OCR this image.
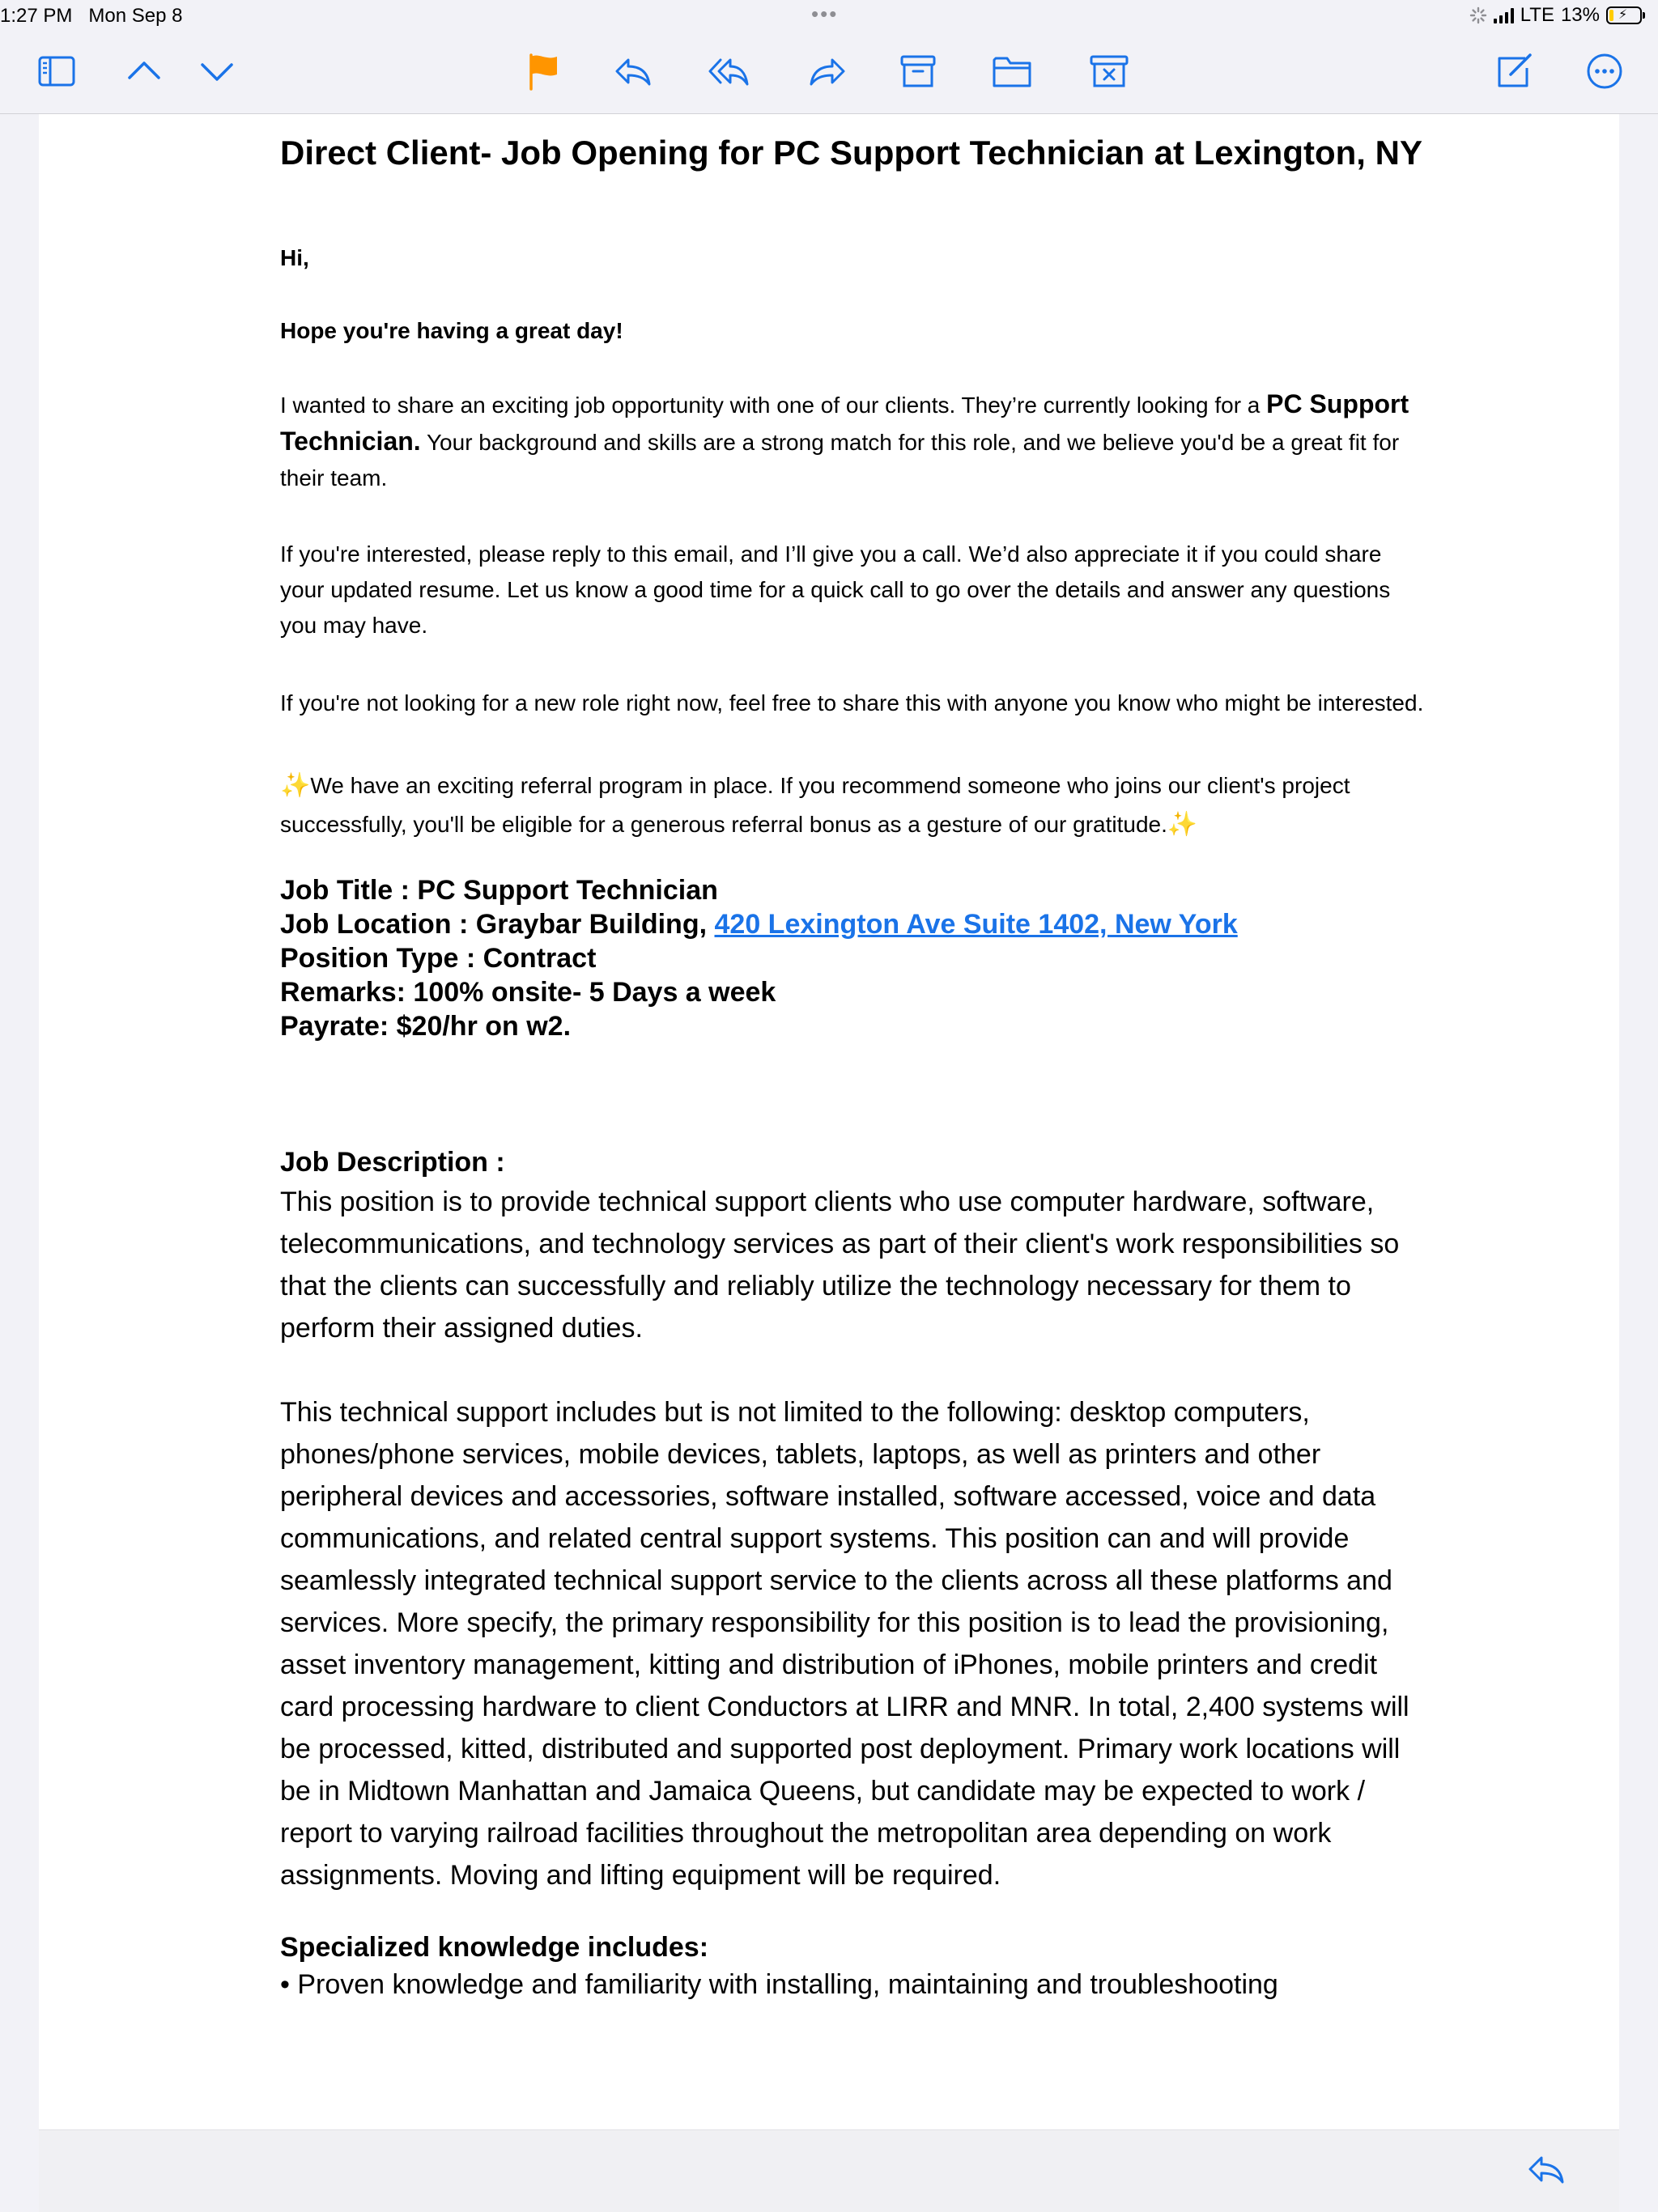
1:27 PM Mon Sep 8	•••	LTE 13% ⚡
Direct Client- Job Opening for PC Support Technician at Lexington, NY

Hi,

Hope you're having a great day!

I wanted to share an exciting job opportunity with one of our clients. They’re currently looking for a PC Support Technician. Your background and skills are a strong match for this role, and we believe you'd be a great fit for their team.

If you're interested, please reply to this email, and I’ll give you a call. We’d also appreciate it if you could share your updated resume. Let us know a good time for a quick call to go over the details and answer any questions you may have.

If you're not looking for a new role right now, feel free to share this with anyone you know who might be interested.

✨We have an exciting referral program in place. If you recommend someone who joins our client's project successfully, you'll be eligible for a generous referral bonus as a gesture of our gratitude.✨

Job Title : PC Support Technician
Job Location : Graybar Building, 420 Lexington Ave Suite 1402, New York
Position Type : Contract
Remarks: 100% onsite- 5 Days a week
Payrate: $20/hr on w2.

Job Description :

This position is to provide technical support clients who use computer hardware, software, telecommunications, and technology services as part of their client's work responsibilities so that the clients can successfully and reliably utilize the technology necessary for them to perform their assigned duties.

This technical support includes but is not limited to the following: desktop computers, phones/phone services, mobile devices, tablets, laptops, as well as printers and other peripheral devices and accessories, software installed, software accessed, voice and data communications, and related central support systems. This position can and will provide seamlessly integrated technical support service to the clients across all these platforms and services. More specify, the primary responsibility for this position is to lead the provisioning, asset inventory management, kitting and distribution of iPhones, mobile printers and credit card processing hardware to client Conductors at LIRR and MNR. In total, 2,400 systems will be processed, kitted, distributed and supported post deployment. Primary work locations will be in Midtown Manhattan and Jamaica Queens, but candidate may be expected to work / report to varying railroad facilities throughout the metropolitan area depending on work assignments. Moving and lifting equipment will be required.

Specialized knowledge includes:

• Proven knowledge and familiarity with installing, maintaining and troubleshooting
